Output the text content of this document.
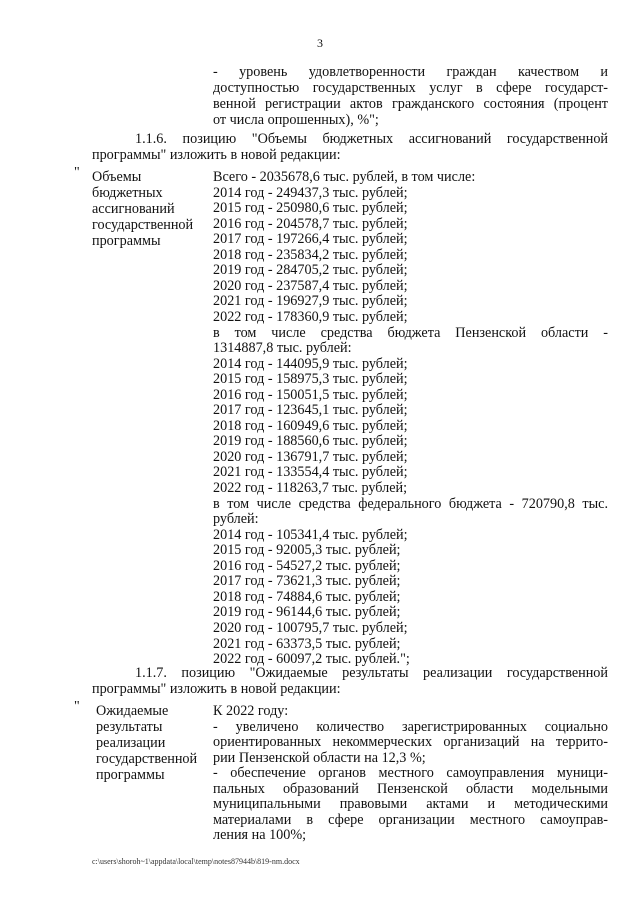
3
- уровень удовлетворенности граждан качеством и
доступностью государственных услуг в сфере государст-
венной регистрации актов гражданского состояния (процент
от числа опрошенных), %";
1.1.6. позицию "Объемы бюджетных ассигнований государственной
программы" изложить в новой редакции:
" Объемы
бюджетных
ассигнований
государственной
программы
Всего - 2035678,6 тыс. рублей, в том числе:
2014 год - 249437,3 тыс. рублей;
2015 год - 250980,6 тыс. рублей;
2016 год - 204578,7 тыс. рублей;
2017 год - 197266,4 тыс. рублей;
2018 год - 235834,2 тыс. рублей;
2019 год - 284705,2 тыс. рублей;
2020 год - 237587,4 тыс. рублей;
2021 год - 196927,9 тыс. рублей;
2022 год - 178360,9 тыс. рублей;
в том числе средства бюджета Пензенской области -
1314887,8 тыс. рублей:
2014 год - 144095,9 тыс. рублей;
2015 год - 158975,3 тыс. рублей;
2016 год - 150051,5 тыс. рублей;
2017 год - 123645,1 тыс. рублей;
2018 год - 160949,6 тыс. рублей;
2019 год - 188560,6 тыс. рублей;
2020 год - 136791,7 тыс. рублей;
2021 год - 133554,4 тыс. рублей;
2022 год - 118263,7 тыс. рублей;
в том числе средства федерального бюджета - 720790,8 тыс.
рублей:
2014 год - 105341,4 тыс. рублей;
2015 год - 92005,3 тыс. рублей;
2016 год - 54527,2 тыс. рублей;
2017 год - 73621,3 тыс. рублей;
2018 год - 74884,6 тыс. рублей;
2019 год - 96144,6 тыс. рублей;
2020 год - 100795,7 тыс. рублей;
2021 год - 63373,5 тыс. рублей;
2022 год - 60097,2 тыс. рублей.";
1.1.7. позицию "Ожидаемые результаты реализации государственной
программы" изложить в новой редакции:
" Ожидаемые
результаты
реализации
государственной
программы
К 2022 году:
- увеличено количество зарегистрированных социально
ориентированных некоммерческих организаций на террито-
рии Пензенской области на 12,3 %;
- обеспечение органов местного самоуправления муници-
пальных образований Пензенской области модельными
муниципальными правовыми актами и методическими
материалами в сфере организации местного самоуправ-
ления на 100%;
c:\users\shoroh~1\appdata\local\temp\notes87944b\819-nm.docx
